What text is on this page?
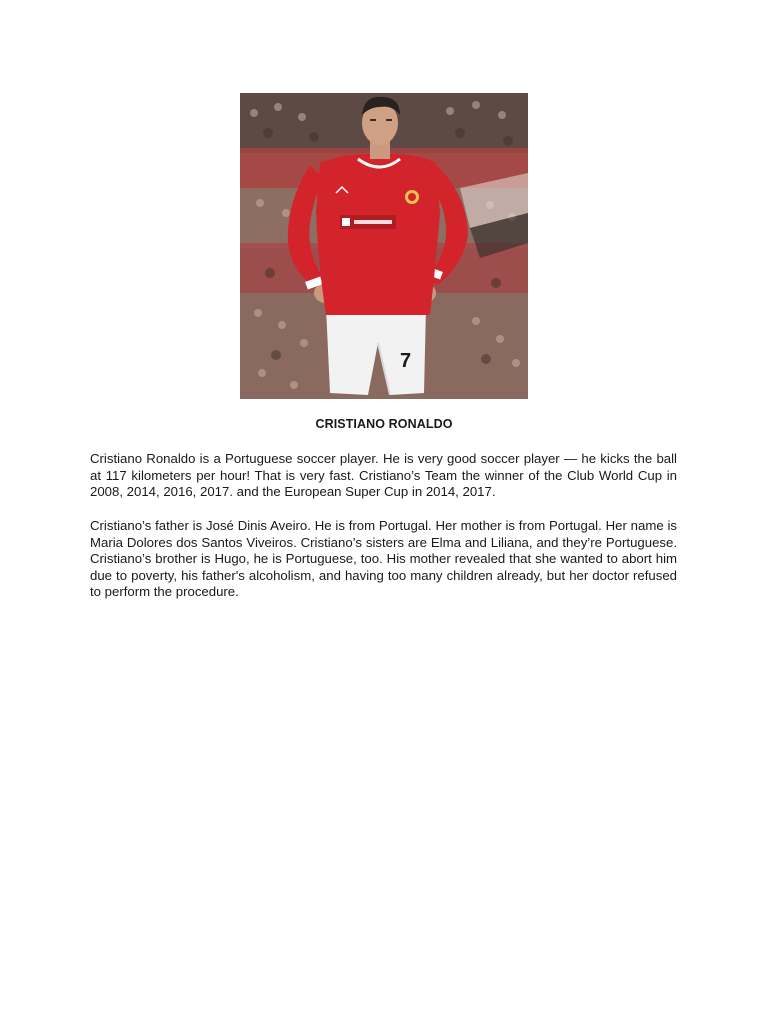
7
CRISTIANO RONALDO

Cristiano Ronaldo is a Portuguese soccer player. He is very good soccer player — he kicks the ball at 117 kilometers per hour! That is very fast. Cristiano’s Team the winner of the Club World Cup in 2008, 2014, 2016, 2017. and the European Super Cup in 2014, 2017.

Cristiano’s father is José Dinis Aveiro. He is from Portugal. Her mother is from Portugal. Her name is Maria Dolores dos Santos Viveiros. Cristiano’s sisters are Elma and Liliana, and they’re Portuguese. Cristiano’s brother is Hugo, he is Portuguese, too. His mother revealed that she wanted to abort him due to poverty, his father's alcoholism, and having too many children already, but her doctor refused to perform the procedure.
